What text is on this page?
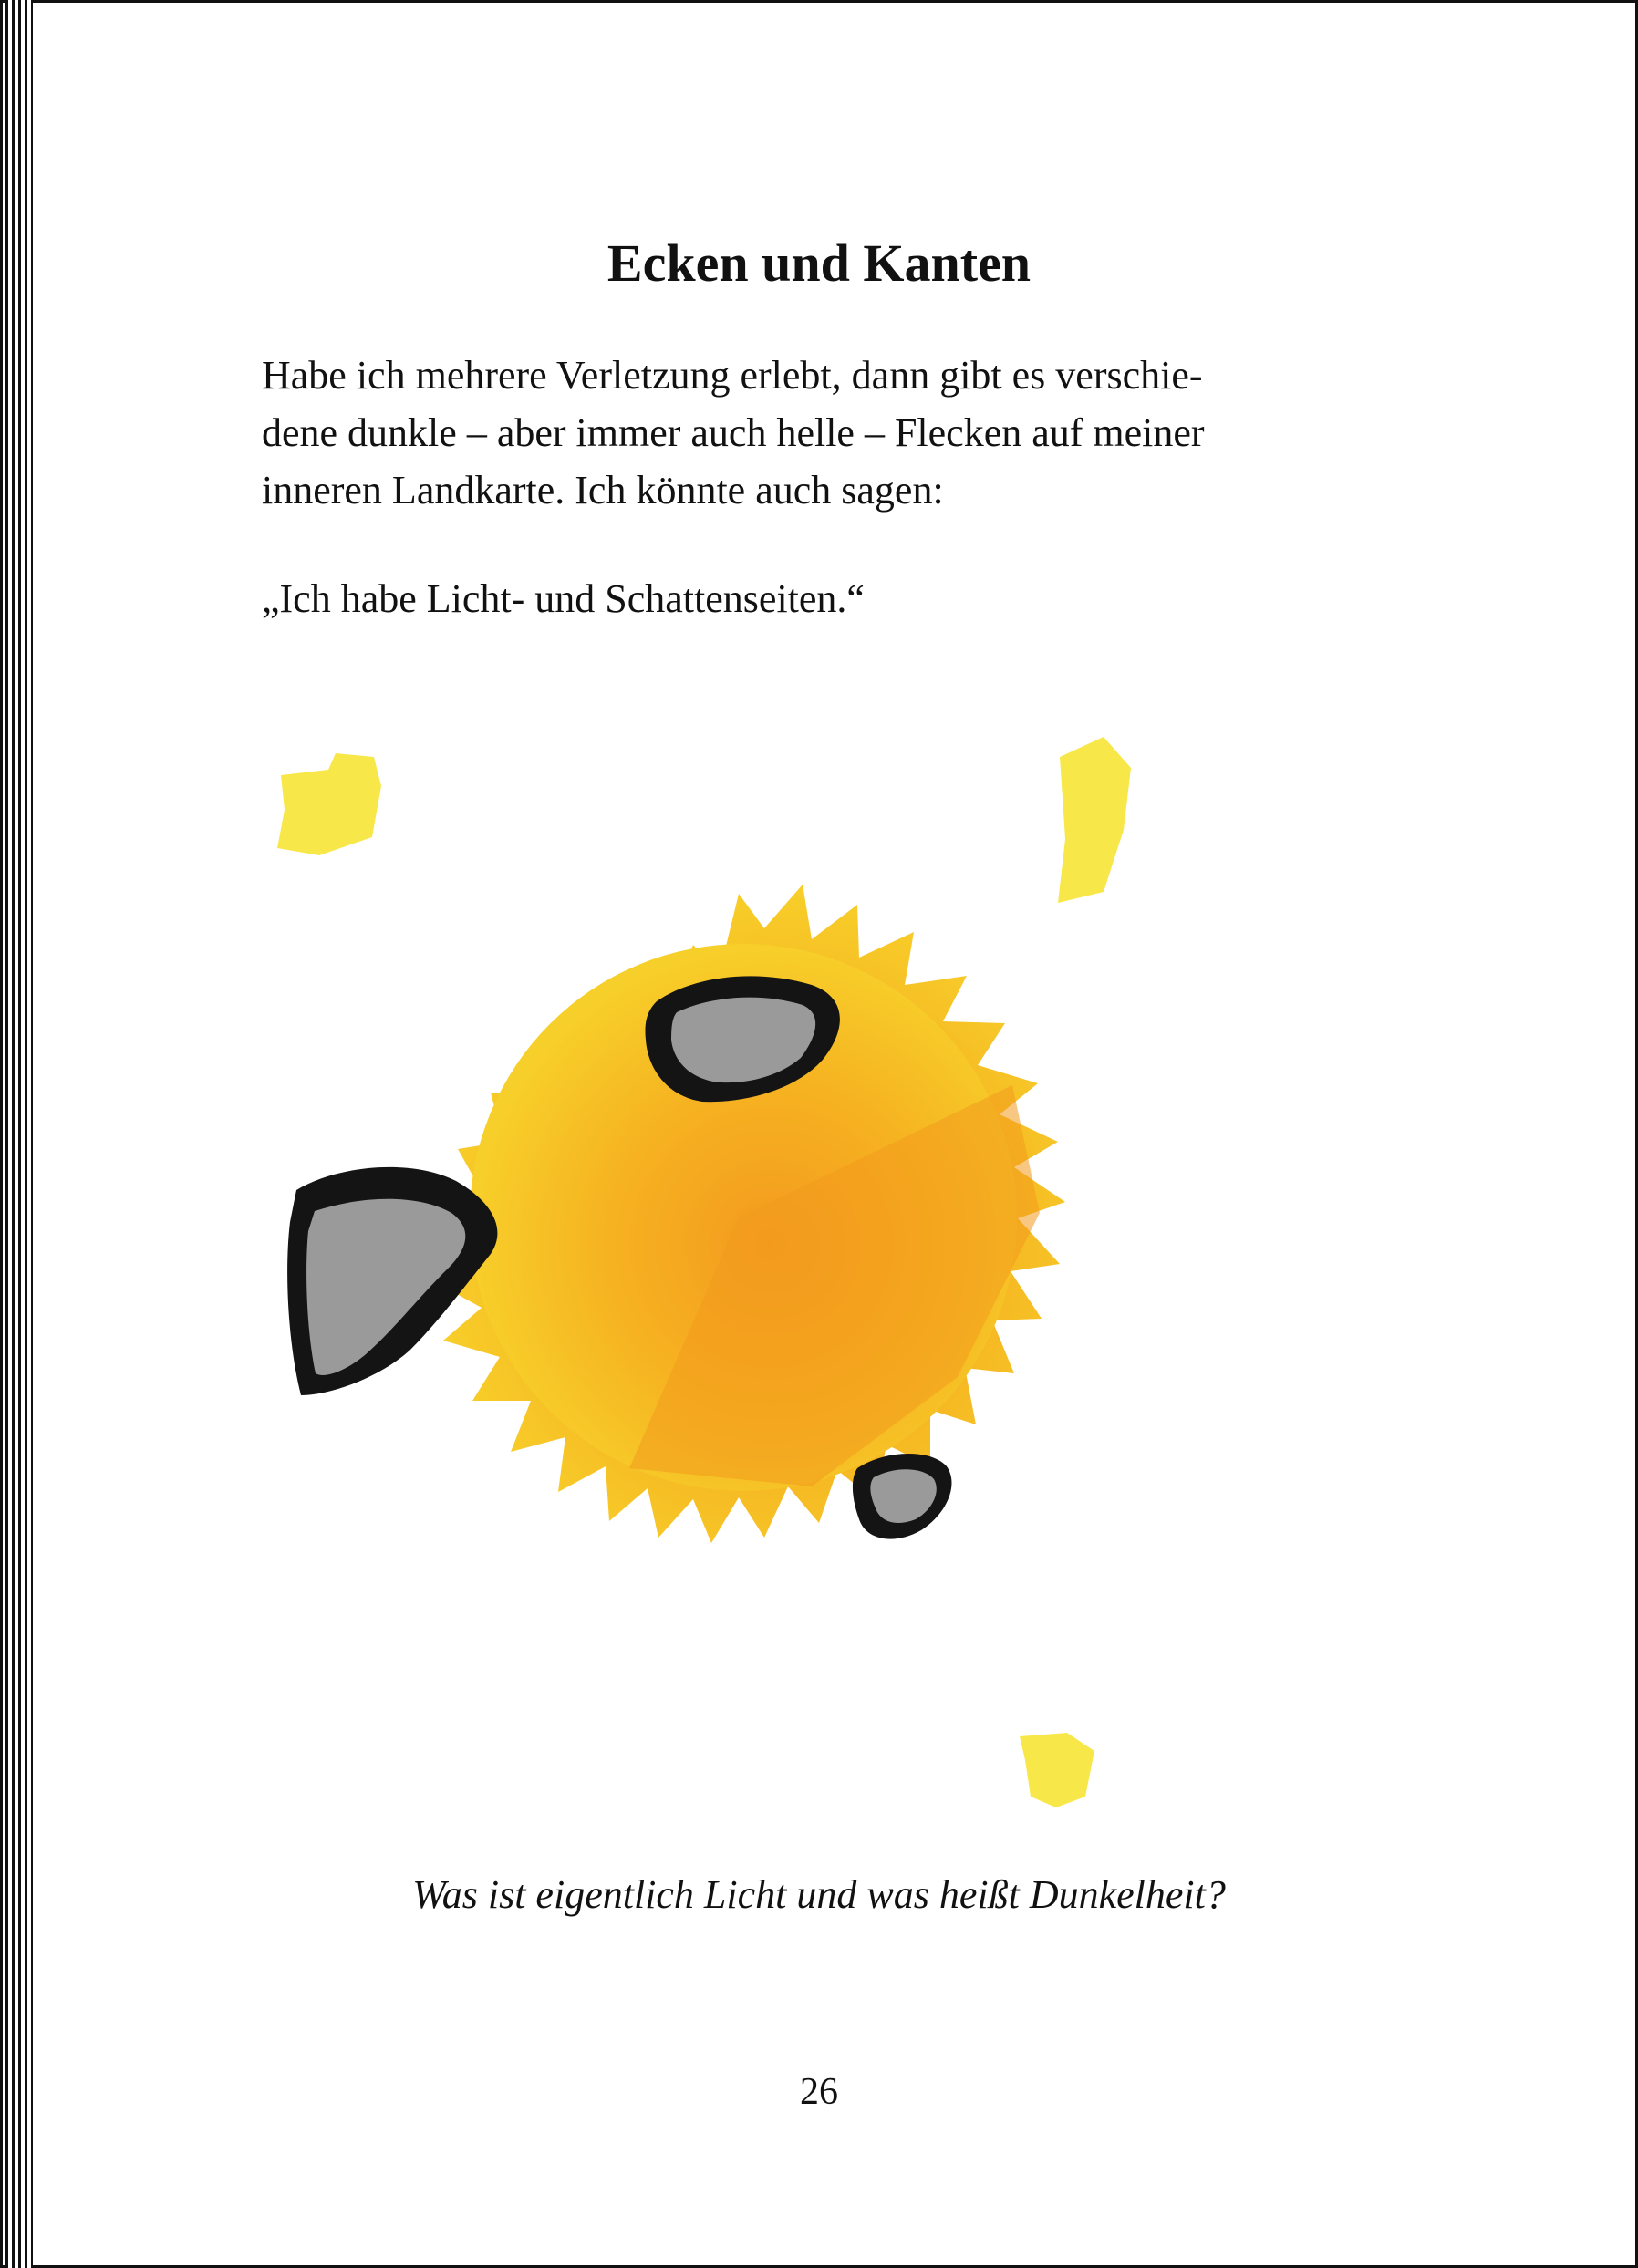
Ecken und Kanten
Habe ich mehrere Verletzung erlebt, dann gibt es verschie-
dene dunkle – aber immer auch helle – Flecken auf meiner
inneren Landkarte. Ich könnte auch sagen:

„Ich habe Licht- und Schattenseiten.“

Was ist eigentlich Licht und was heißt Dunkelheit?

26
